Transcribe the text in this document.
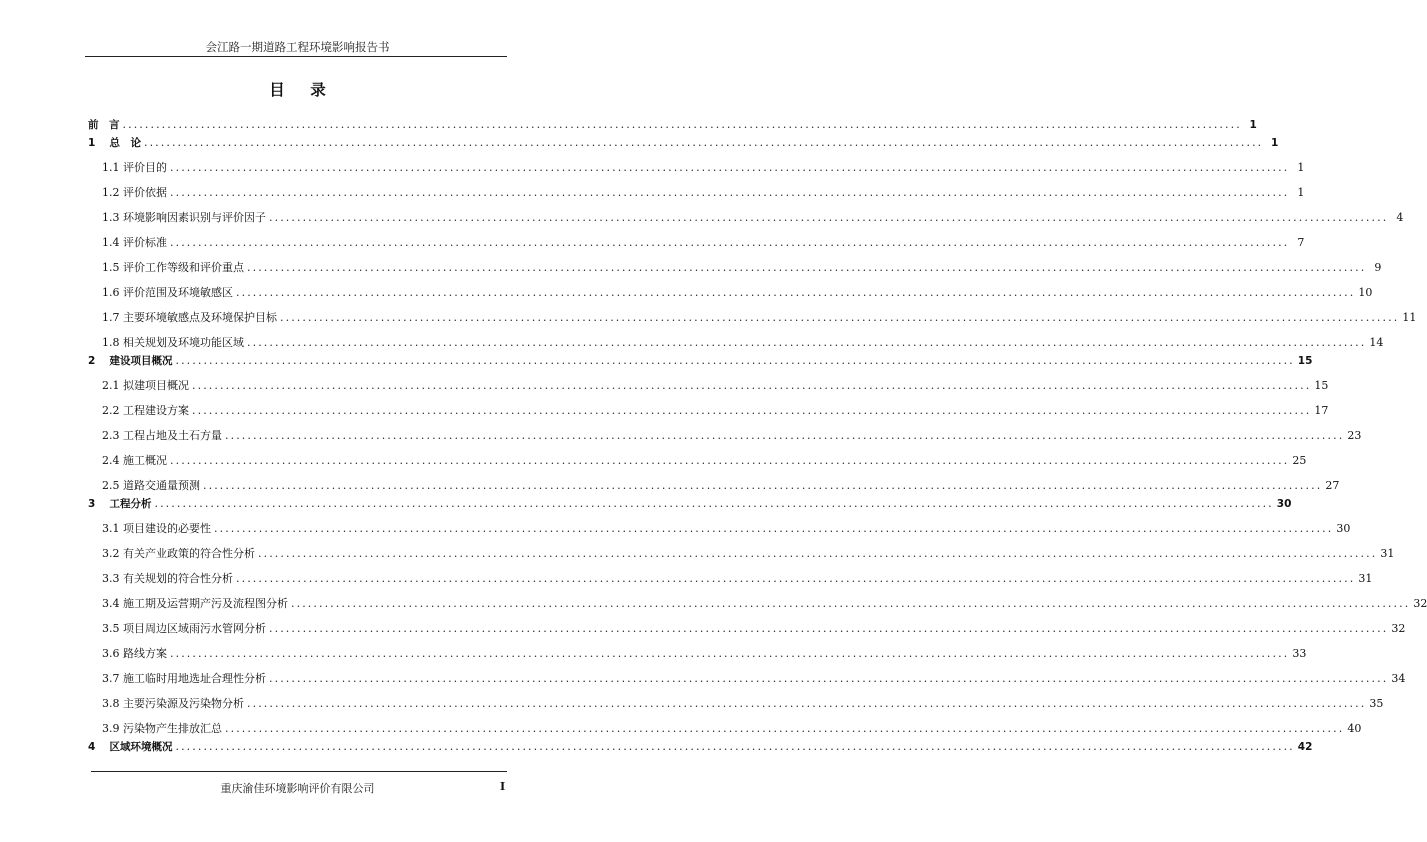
会江路一期道路工程环境影响报告书
目 录
前　言 ........................................................................................................................................................................................................ 1
1　 总　论 ........................................................................................................................................................................................................ 1
1.1 评价目的 ........................................................................................................................................................................................................ 1
1.2 评价依据 ........................................................................................................................................................................................................ 1
1.3 环境影响因素识别与评价因子 ........................................................................................................................................................................................................ 4
1.4 评价标准 ........................................................................................................................................................................................................ 7
1.5 评价工作等级和评价重点 ........................................................................................................................................................................................................ 9
1.6 评价范围及环境敏感区 ........................................................................................................................................................................................................ 10
1.7 主要环境敏感点及环境保护目标 ........................................................................................................................................................................................................ 11
1.8 相关规划及环境功能区域 ........................................................................................................................................................................................................ 14
2　 建设项目概况 ........................................................................................................................................................................................................ 15
2.1 拟建项目概况 ........................................................................................................................................................................................................ 15
2.2 工程建设方案 ........................................................................................................................................................................................................ 17
2.3 工程占地及土石方量 ........................................................................................................................................................................................................ 23
2.4 施工概况 ........................................................................................................................................................................................................ 25
2.5 道路交通量预测 ........................................................................................................................................................................................................ 27
3　 工程分析 ........................................................................................................................................................................................................ 30
3.1 项目建设的必要性 ........................................................................................................................................................................................................ 30
3.2 有关产业政策的符合性分析 ........................................................................................................................................................................................................ 31
3.3 有关规划的符合性分析 ........................................................................................................................................................................................................ 31
3.4 施工期及运营期产污及流程图分析 ........................................................................................................................................................................................................ 32
3.5 项目周边区域雨污水管网分析 ........................................................................................................................................................................................................ 32
3.6 路线方案 ........................................................................................................................................................................................................ 33
3.7 施工临时用地选址合理性分析 ........................................................................................................................................................................................................ 34
3.8 主要污染源及污染物分析 ........................................................................................................................................................................................................ 35
3.9 污染物产生排放汇总 ........................................................................................................................................................................................................ 40
4　 区域环境概况 ........................................................................................................................................................................................................ 42
重庆渝佳环境影响评价有限公司	I
